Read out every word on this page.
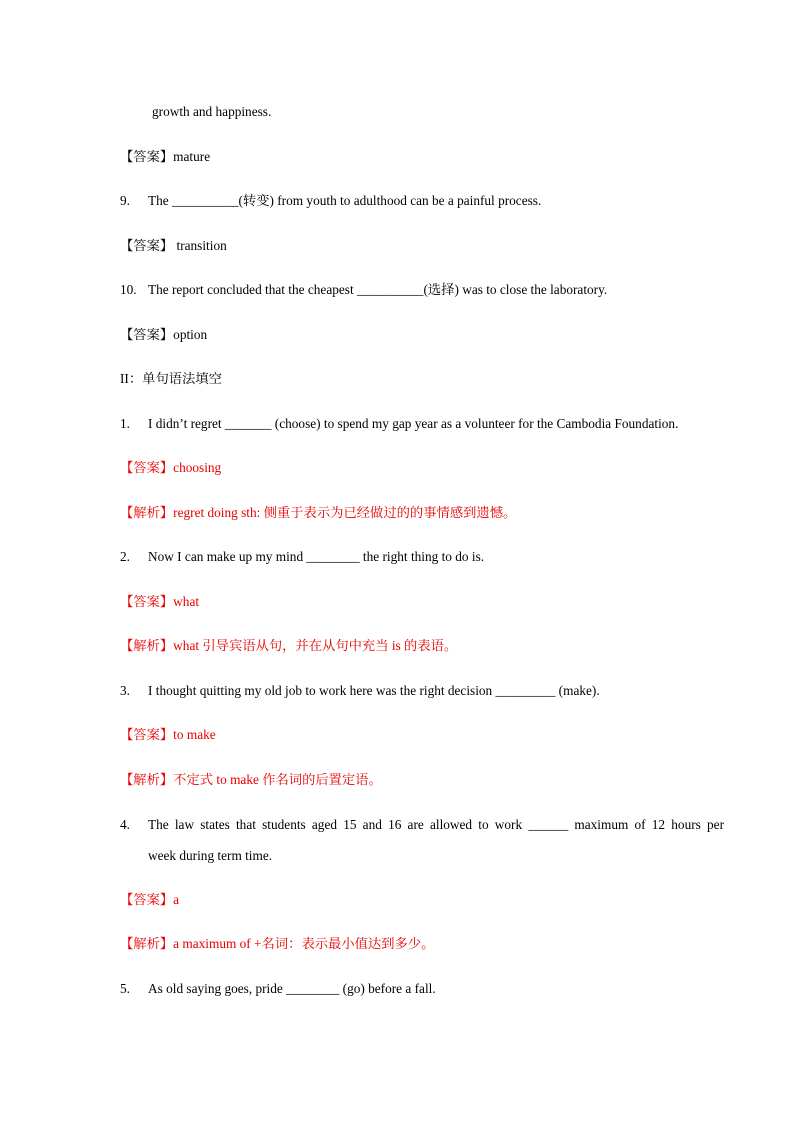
growth and happiness.
【答案】mature
9. The __________(转变) from youth to adulthood can be a painful process.
【答案】 transition
10. The report concluded that the cheapest __________(选择) was to close the laboratory.
【答案】option
II：单句语法填空
1. I didn’t regret _______ (choose) to spend my gap year as a volunteer for the Cambodia Foundation.
【答案】choosing
【解析】regret doing sth: 侧重于表示为已经做过的的事情感到遗憾。
2. Now I can make up my mind ________ the right thing to do is.
【答案】what
【解析】what 引导宾语从句，并在从句中充当 is 的表语。
3. I thought quitting my old job to work here was the right decision _________ (make).
【答案】to make
【解析】不定式 to make 作名词的后置定语。
4.	The law states that students aged 15 and 16 are allowed to work ______ maximum of 12 hours per
week during term time.
【答案】a
【解析】a maximum of +名词：表示最小值达到多少。
5. As old saying goes, pride ________ (go) before a fall.
